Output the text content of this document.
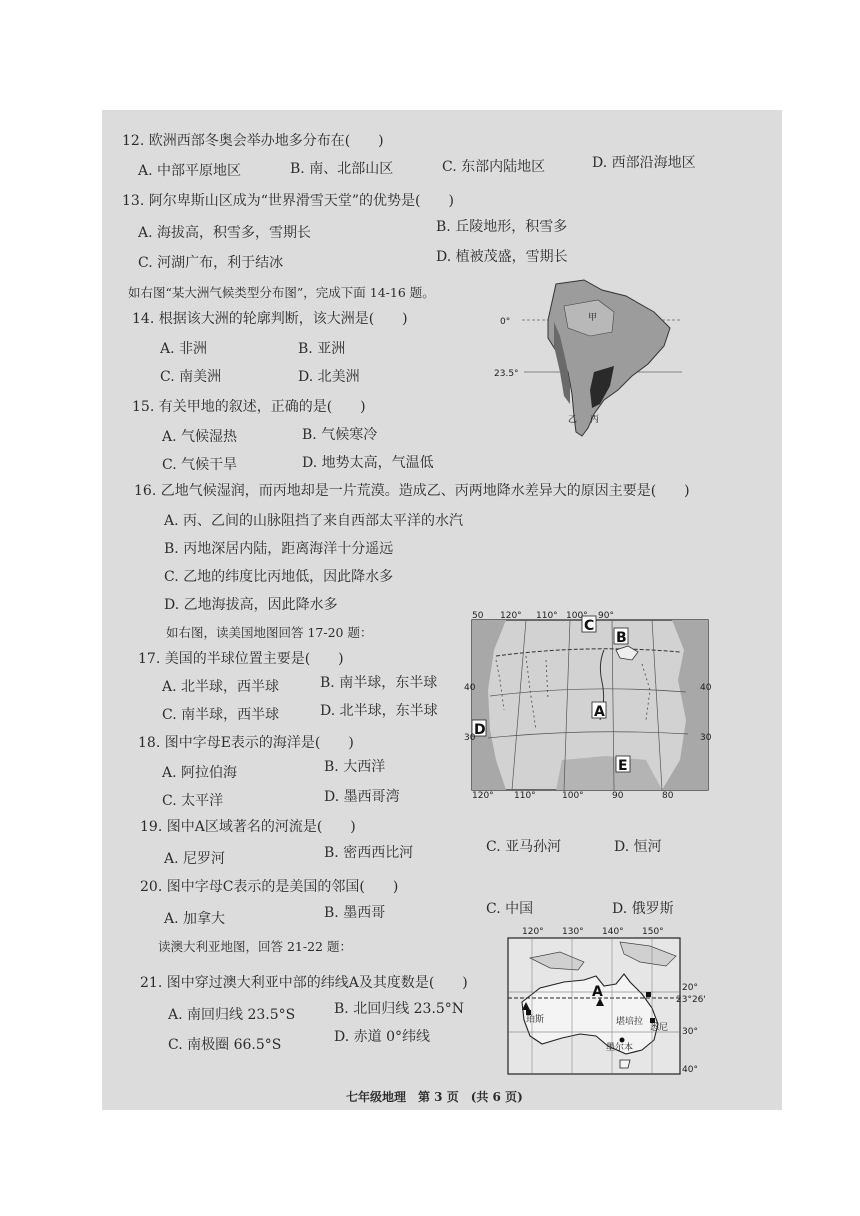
12. 欧洲西部冬奥会举办地多分布在(　　)
A. 中部平原地区	B. 南、北部山区	C. 东部内陆地区	D. 西部沿海地区
13. 阿尔卑斯山区成为“世界滑雪天堂”的优势是(　　)
A. 海拔高，积雪多，雪期长	B. 丘陵地形，积雪多
C. 河湖广布，利于结冰	D. 植被茂盛，雪期长
如右图“某大洲气候类型分布图”，完成下面 14-16 题。
14. 根据该大洲的轮廓判断，该大洲是(　　)
A. 非洲	B. 亚洲
C. 南美洲	D. 北美洲
15. 有关甲地的叙述，正确的是(　　)
A. 气候湿热	B. 气候寒冷
C. 气候干旱	D. 地势太高，气温低
16. 乙地气候湿润，而丙地却是一片荒漠。造成乙、丙两地降水差异大的原因主要是(　　)
A. 丙、乙间的山脉阻挡了来自西部太平洋的水汽
B. 丙地深居内陆，距离海洋十分遥远
C. 乙地的纬度比丙地低，因此降水多
D. 乙地海拔高，因此降水多
如右图，读美国地图回答 17-20 题：
17. 美国的半球位置主要是(　　)
A. 北半球，西半球	B. 南半球，东半球
C. 南半球，西半球	D. 北半球，东半球
18. 图中字母E表示的海洋是(　　)
A. 阿拉伯海	B. 大西洋
C. 太平洋	D. 墨西哥湾
19. 图中A区域著名的河流是(　　)
A. 尼罗河	B. 密西西比河	C. 亚马孙河	D. 恒河
20. 图中字母C表示的是美国的邻国(　　)
A. 加拿大	B. 墨西哥	C. 中国	D. 俄罗斯
读澳大利亚地图，回答 21-22 题：
21. 图中穿过澳大利亚中部的纬线A及其度数是(　　)
A. 南回归线 23.5°S	B. 北回归线 23.5°N
C. 南极圈 66.5°S	D. 赤道 0°纬线
七年级地理　第 3 页　(共 6 页)
0°
23.5°
甲
乙 丙
C
B
A
D
E
50 120° 110° 100° 90°
120° 110°	100°	90	80
40
30
40
30
A
珀斯	堪培拉
悉尼
墨尔本
120° 130° 140° 150°
20°
23°26'
30°
40°
